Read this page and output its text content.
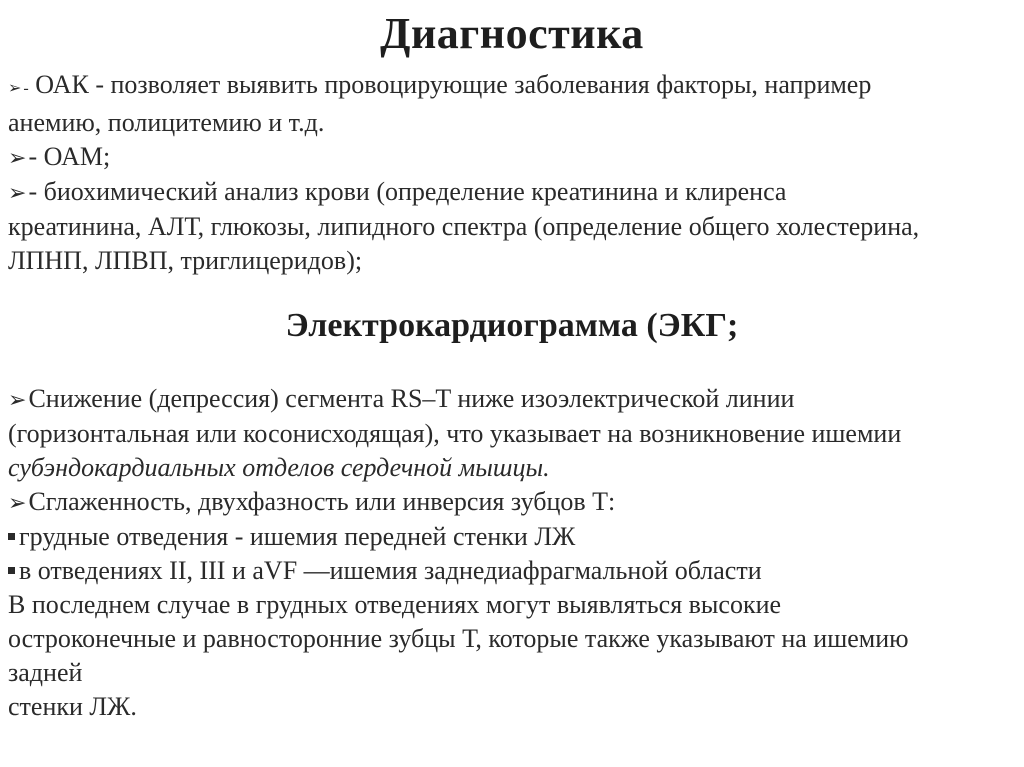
Диагностика

➢ - ОАК - позволяет выявить провоцирующие заболевания факторы, например

анемию, полицитемию и т.д.

➢- ОАМ;

➢- биохимический анализ крови (определение креатинина и клиренса

креатинина, АЛТ, глюкозы, липидного спектра (определение общего холестерина,

ЛПНП, ЛПВП, триглицеридов);

Электрокардиограмма (ЭКГ;

➢Снижение (депрессия) сегмента RS–T ниже изоэлектрической линии

(горизонтальная или косонисходящая), что указывает на возникновение ишемии

субэндокардиальных отделов сердечной мышцы.

➢Сглаженность, двухфазность или инверсия зубцов Т:

грудные отведения - ишемия передней стенки ЛЖ

в отведениях II, III и aVF —ишемия заднедиафрагмальной области

В последнем случае в грудных отведениях могут выявляться высокие

остроконечные и равносторонние зубцы Т, которые также указывают на ишемию

задней

стенки ЛЖ.
